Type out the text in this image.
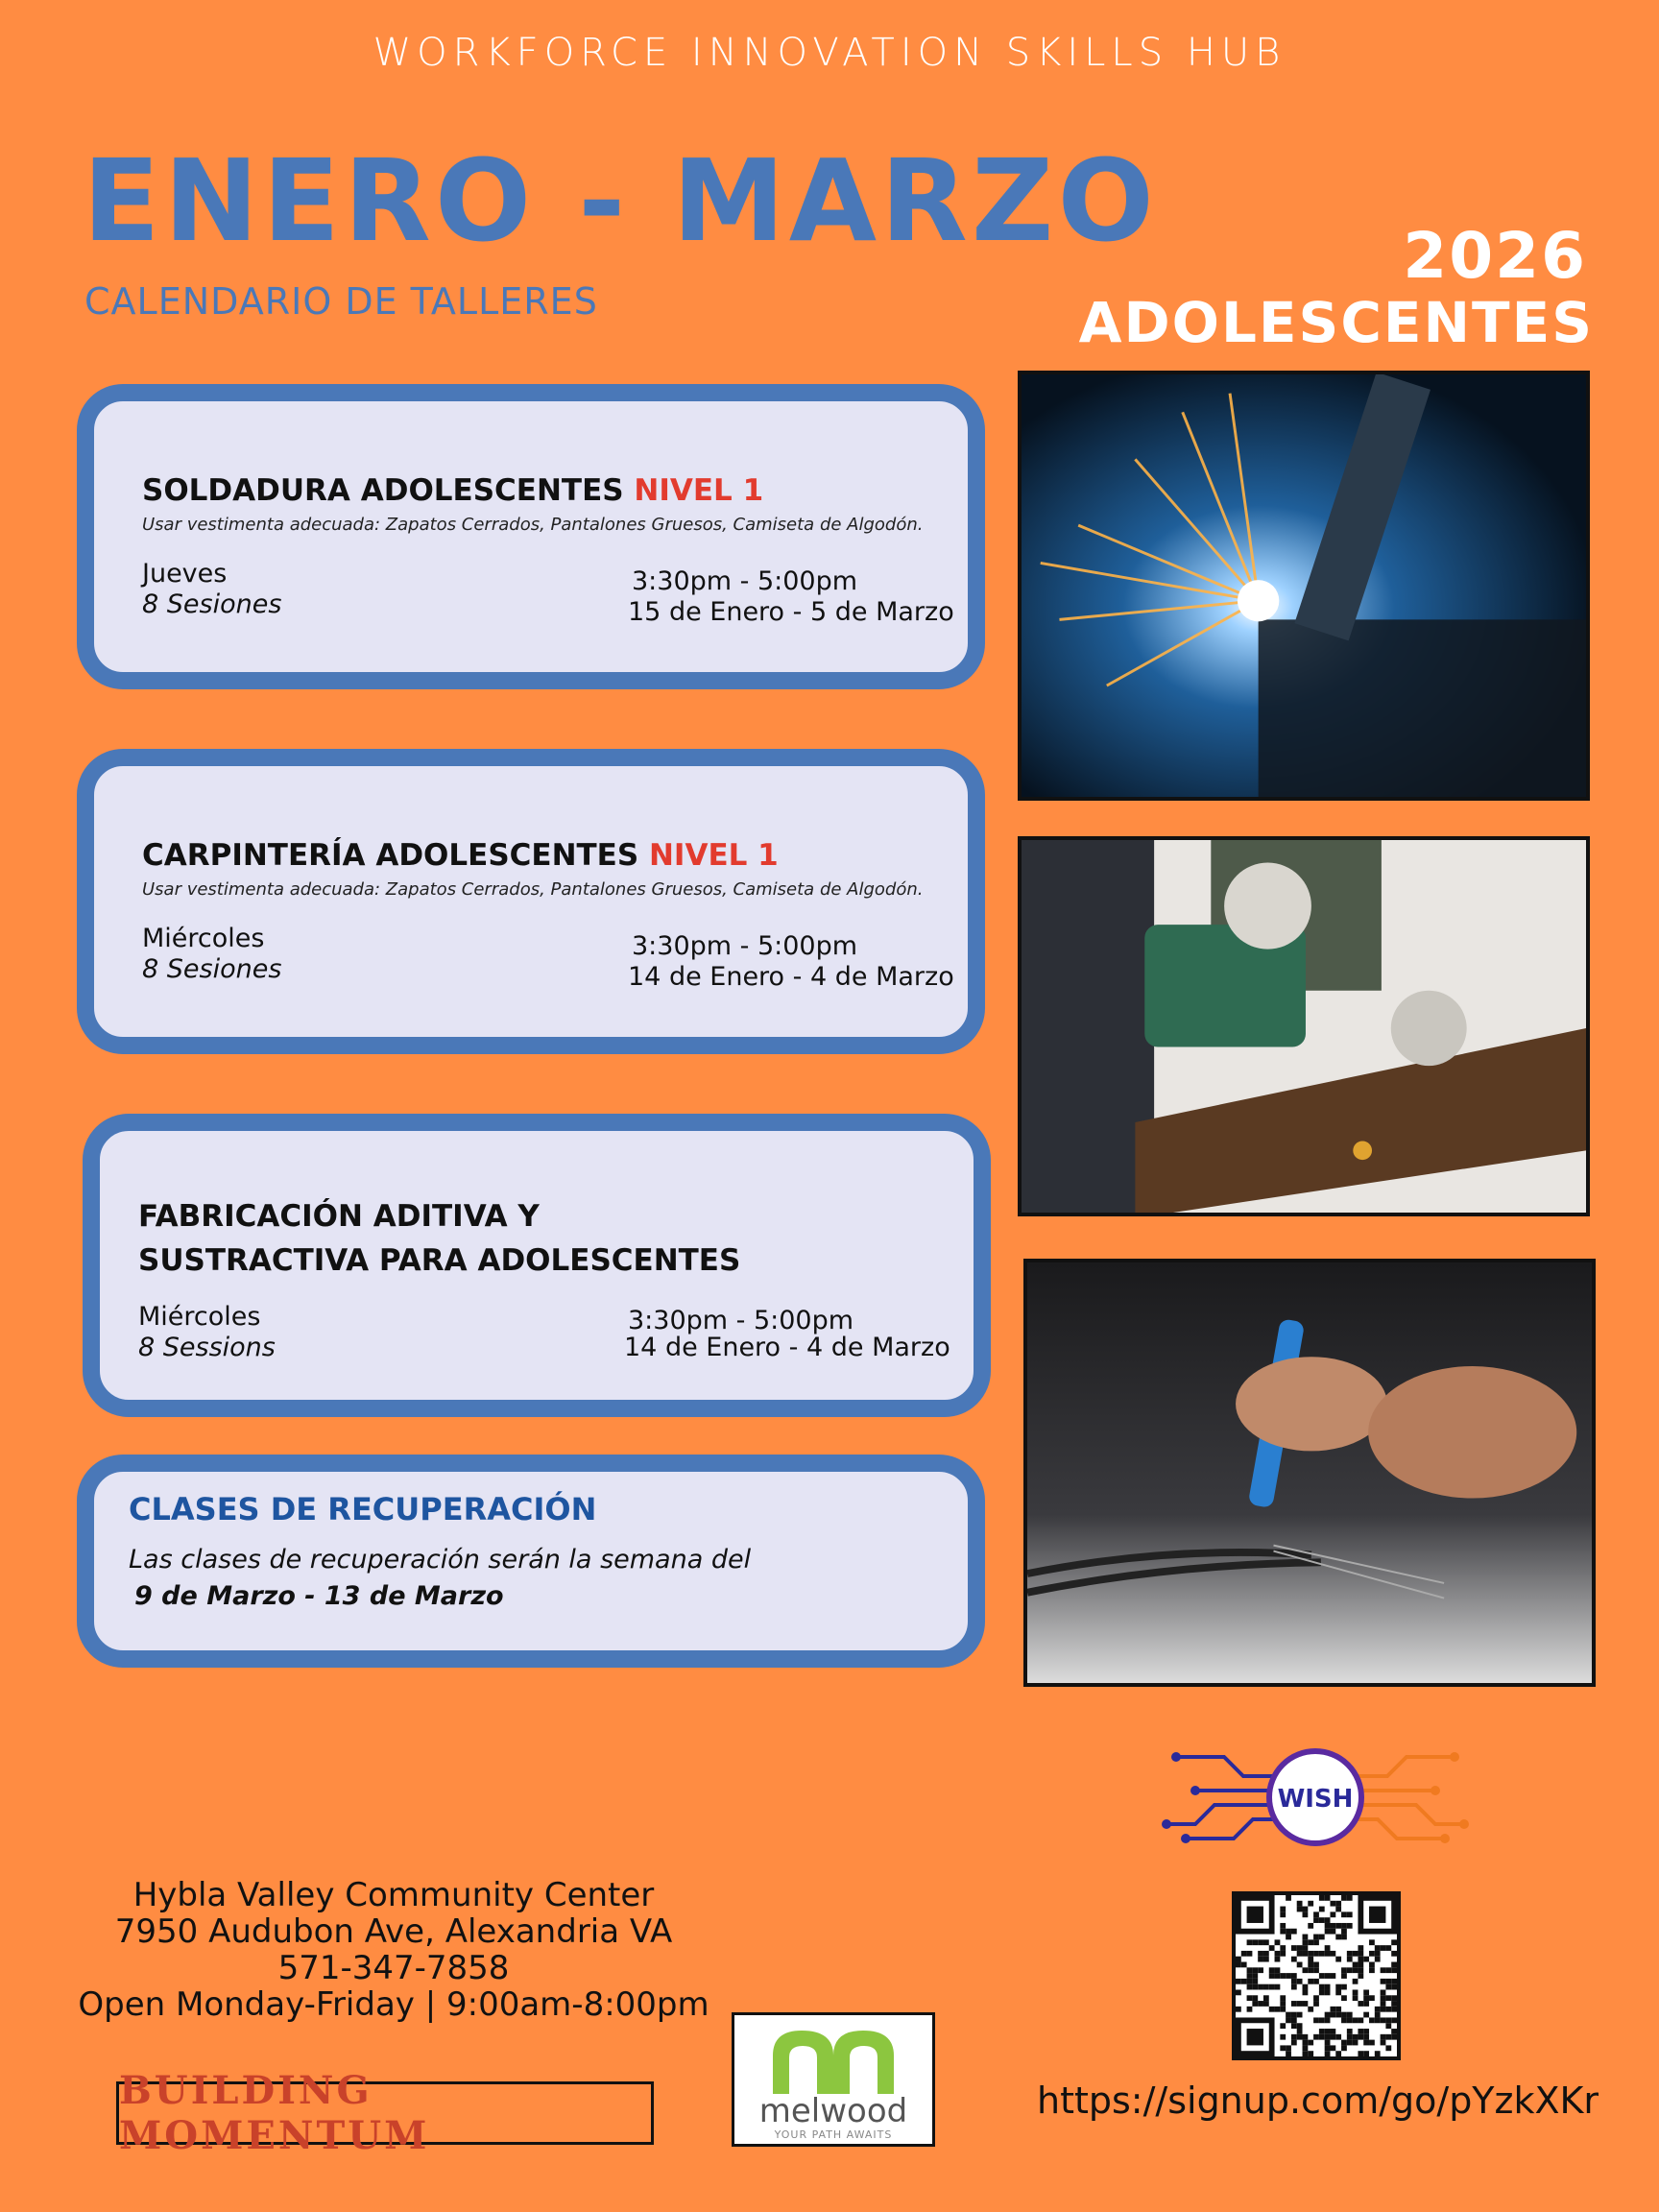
WORKFORCE INNOVATION SKILLS HUB
ENERO - MARZO
CALENDARIO DE TALLERES
2026
ADOLESCENTES
SOLDADURA ADOLESCENTES NIVEL 1
Usar vestimenta adecuada: Zapatos Cerrados, Pantalones Gruesos, Camiseta de Algodón.
Jueves
8 Sesiones
3:30pm - 5:00pm
15 de Enero - 5 de Marzo
CARPINTERÍA ADOLESCENTES NIVEL 1
Usar vestimenta adecuada: Zapatos Cerrados, Pantalones Gruesos, Camiseta de Algodón.
Miércoles
8 Sesiones
3:30pm - 5:00pm
14 de Enero - 4 de Marzo
FABRICACIÓN ADITIVA Y
SUSTRACTIVA PARA ADOLESCENTES
Miércoles
8 Sessions
3:30pm - 5:00pm
14 de Enero - 4 de Marzo
CLASES DE RECUPERACIÓN
Las clases de recuperación serán la semana del
9 de Marzo - 13 de Marzo
WISH
Hybla Valley Community Center
7950 Audubon Ave, Alexandria VA
571-347-7858
Open Monday-Friday | 9:00am-8:00pm
https://signup.com/go/pYzkXKr
BUILDING MOMENTUM
melwood
YOUR PATH AWAITS
